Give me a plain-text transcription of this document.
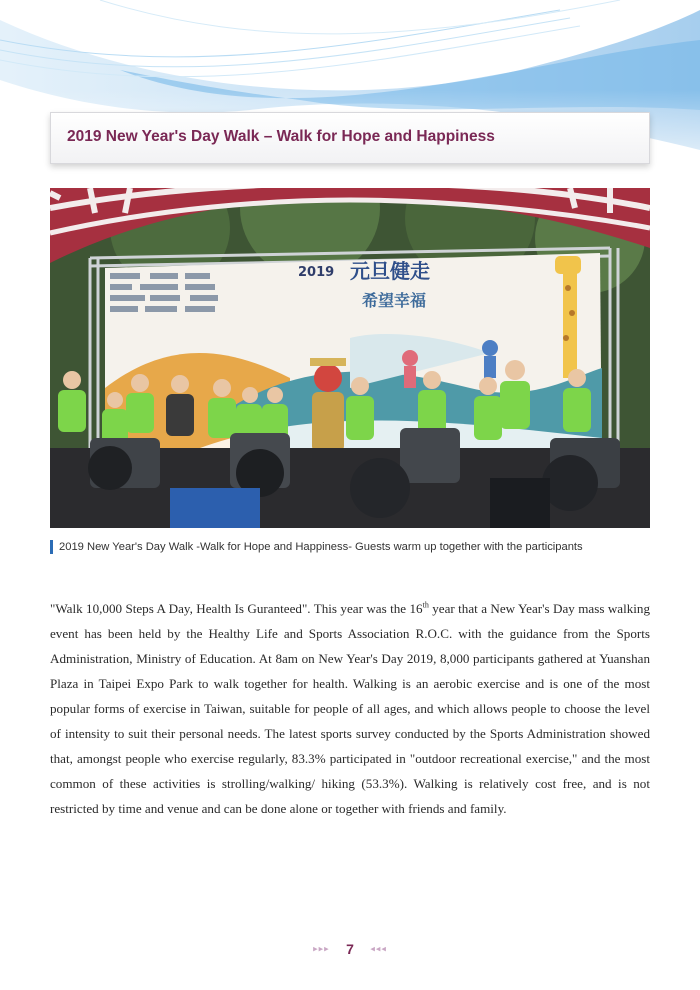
2019 New Year's Day Walk – Walk for Hope and Happiness
2019 元旦健走
希望幸福
2019 New Year's Day Walk -Walk for Hope and Happiness- Guests warm up together with the participants

"Walk 10,000 Steps A Day, Health Is Guranteed". This year was the 16th year that a New Year's Day mass walking event has been held by the Healthy Life and Sports Association R.O.C. with the guidance from the Sports Administration, Ministry of Education. At 8am on New Year's Day 2019, 8,000 participants gathered at Yuanshan Plaza in Taipei Expo Park to walk together for health. Walking is an aerobic exercise and is one of the most popular forms of exercise in Taiwan, suitable for people of all ages, and which allows people to choose the level of intensity to suit their personal needs. The latest sports survey conducted by the Sports Administration showed that, amongst people who exercise regularly, 83.3% participated in "outdoor recreational exercise," and the most common of these activities is strolling/walking/ hiking (53.3%). Walking is relatively cost free, and is not restricted by time and venue and can be done alone or together with friends and family.

▸▸▸ 7 ◂◂◂
